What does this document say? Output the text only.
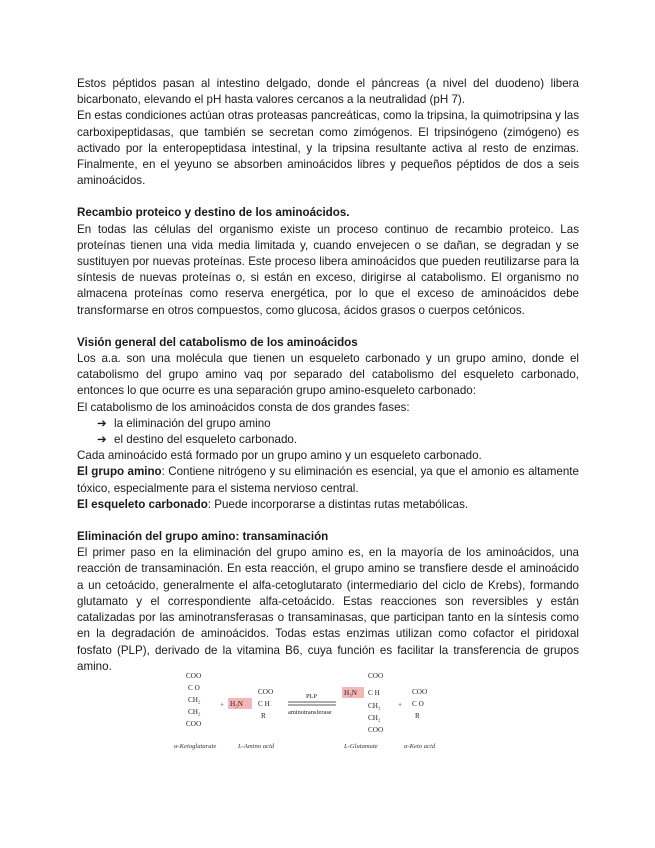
Estos péptidos pasan al intestino delgado, donde el páncreas (a nivel del duodeno) libera bicarbonato, elevando el pH hasta valores cercanos a la neutralidad (pH 7).

En estas condiciones actúan otras proteasas pancreáticas, como la tripsina, la quimotripsina y las carboxipeptidasas, que también se secretan como zimógenos. El tripsinógeno (zimógeno) es activado por la enteropeptidasa intestinal, y la tripsina resultante activa al resto de enzimas. Finalmente, en el yeyuno se absorben aminoácidos libres y pequeños péptidos de dos a seis aminoácidos.

Recambio proteico y destino de los aminoácidos.

En todas las células del organismo existe un proceso continuo de recambio proteico. Las proteínas tienen una vida media limitada y, cuando envejecen o se dañan, se degradan y se sustituyen por nuevas proteínas. Este proceso libera aminoácidos que pueden reutilizarse para la síntesis de nuevas proteínas o, si están en exceso, dirigirse al catabolismo. El organismo no almacena proteínas como reserva energética, por lo que el exceso de aminoácidos debe transformarse en otros compuestos, como glucosa, ácidos grasos o cuerpos cetónicos.

Visión general del catabolismo de los aminoácidos

Los a.a. son una molécula que tienen un esqueleto carbonado y un grupo amino, donde el catabolismo del grupo amino vaq por separado del catabolismo del esqueleto carbonado, entonces lo que ocurre es una separación grupo amino-esqueleto carbonado:

El catabolismo de los aminoácidos consta de dos grandes fases:

➔ la eliminación del grupo amino
➔ el destino del esqueleto carbonado.

Cada aminoácido está formado por un grupo amino y un esqueleto carbonado.

El grupo amino: Contiene nitrógeno y su eliminación es esencial, ya que el amonio es altamente tóxico, especialmente para el sistema nervioso central.

El esqueleto carbonado: Puede incorporarse a distintas rutas metabólicas.

Eliminación del grupo amino: transaminación

El primer paso en la eliminación del grupo amino es, en la mayoría de los aminoácidos, una reacción de transaminación. En esta reacción, el grupo amino se transfiere desde el aminoácido a un cetoácido, generalmente el alfa-cetoglutarato (intermediario del ciclo de Krebs), formando glutamato y el correspondiente alfa-cetoácido. Estas reacciones son reversibles y están catalizadas por las aminotransferasas o transaminasas, que participan tanto en la síntesis como en la degradación de aminoácidos. Todas estas enzimas utilizan como cofactor el piridoxal fosfato (PLP), derivado de la vitamina B6, cuya función es facilitar la transferencia de grupos amino.

COO
C O
CH₂
CH₂
COO
+ H₃N
COO
C H
R
PLP
aminotransferase
H₃N
COO
C H
CH₂
CH₂
COO
+
COO
C O
R
α-Ketoglutarate	L-Amino acid	L-Glutamate	α-Keto acid
